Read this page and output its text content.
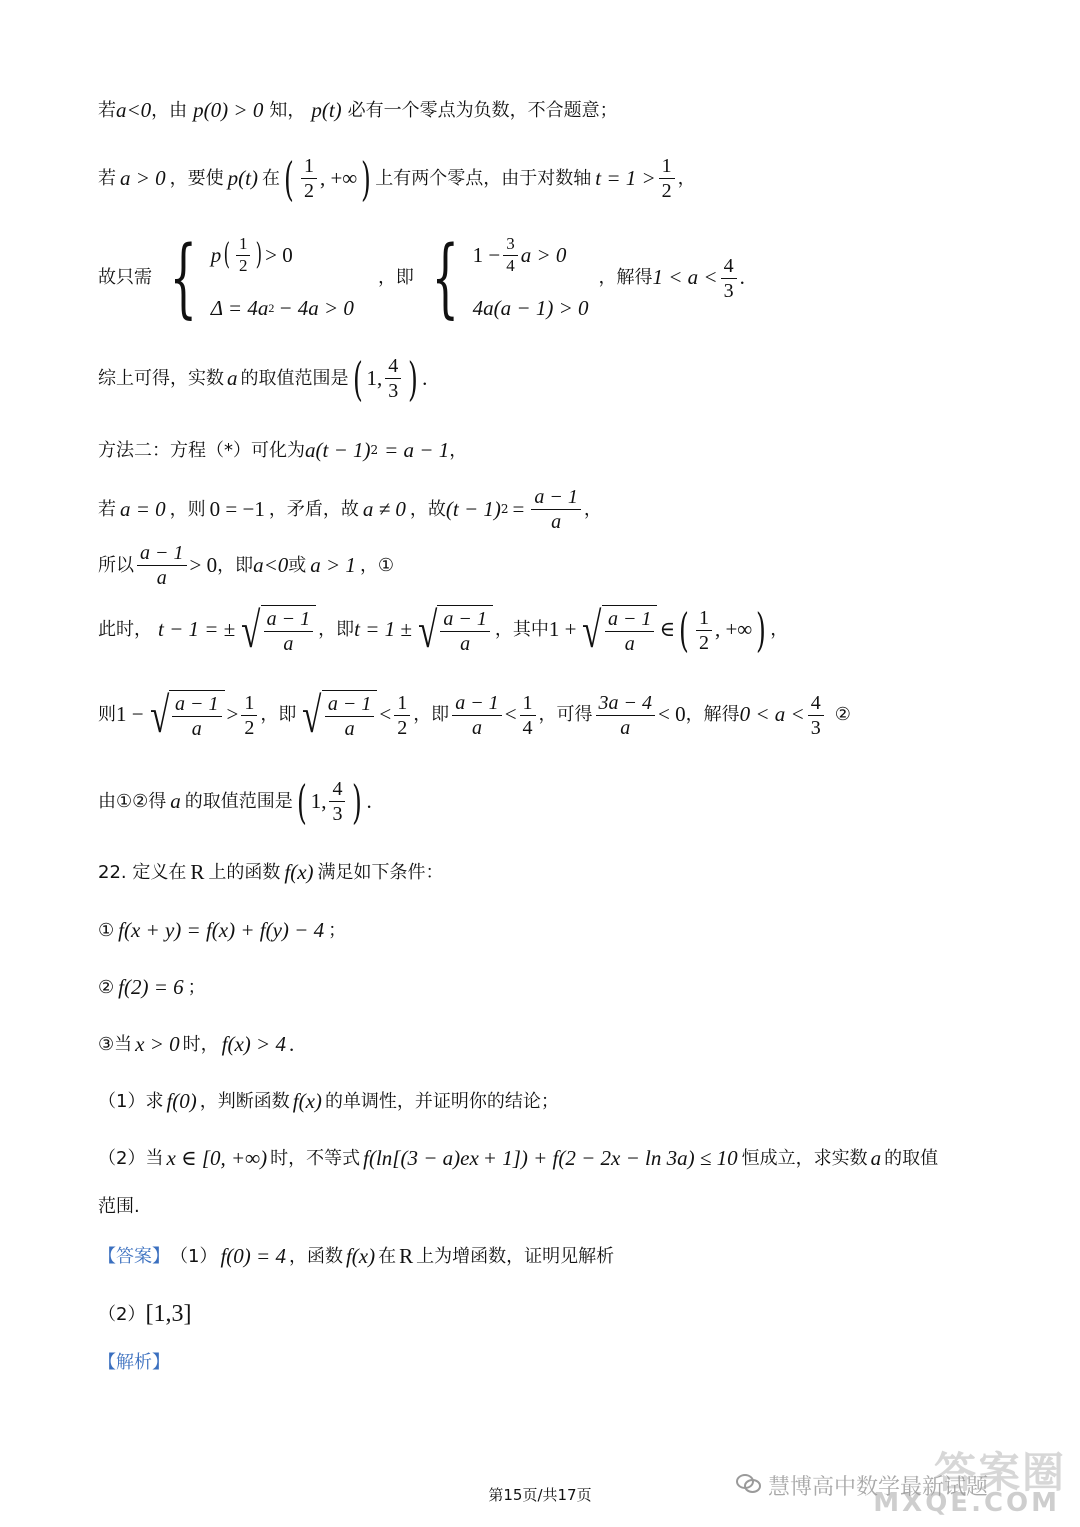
若 a<0 ，由 p(0) > 0 知， p(t) 必有一个零点为负数，不合题意；
若 a > 0 ，要使 p(t) 在 ( $\frac{1}{2}$ , +∞ ) 上有两个零点，由于对数轴 $t = 1 > \frac{1}{2}$ ，
故只需 { p ( $\frac{1}{2}$ ) > 0
Δ = 4a 2 − 4a > 0
，即 { $1 - \frac{3}{4}$ a > 0
4a(a − 1) > 0
，解得 $1 < a < \frac{4}{3}$ .
综上可得，实数 a 的取值范围是 ( 1, $\frac{4}{3}$ ) .
方法二：方程（*）可化为 a(t − 1) 2 = a − 1 ，
若 a = 0 ，则 0 = −1 ，矛盾，故 a ≠ 0 ，故 (t − 1) $2 = \frac{a - 1}{a}$ ，
所以 $\frac{a - 1}{a} > 0$ ，即 a<0 或 a > 1 ，①
此时， t − 1 = ± √ $\frac{a - 1}{a}$ ，即 t = 1 ± √ $\frac{a - 1}{a}$ ，其中 1 + √ $\frac{a - 1}{a}$ ∈ ( $\frac{1}{2}$ , +∞ ) ，
则 1 − √ $\frac{a - 1}{a} > \frac{1}{2}$ ，即 √ $\frac{a - 1}{a} < \frac{1}{2}$ ，即 $\frac{a - 1}{a} < \frac{1}{4}$ ，可得 $\frac{3a - 4}{a} < 0$ ，解得 $0 < a < \frac{4}{3}$ ②
由①②得 a 的取值范围是 ( 1, $\frac{4}{3}$ ) .
22. 定义在 R 上的函数 f(x) 满足如下条件：
① f(x + y) = f(x) + f(y) − 4 ；
② f(2) = 6 ；
③当 x > 0 时， f(x) > 4 .
（1）求 f(0) ，判断函数 f(x) 的单调性，并证明你的结论；
（2）当 x ∈ [0, +∞) 时，不等式 f(ln[(3 − a)e x + 1]) + f(2 − 2x − ln 3a) ≤ 10 恒成立，求实数 a 的取值
范围.
【答案】 （1） f(0) = 4 ，函数 f(x) 在 R 上为增函数，证明见解析
（2） [1,3]
【解析】
第15页/共17页	答案圈
MXQE.COM
慧博高中数学最新试题
